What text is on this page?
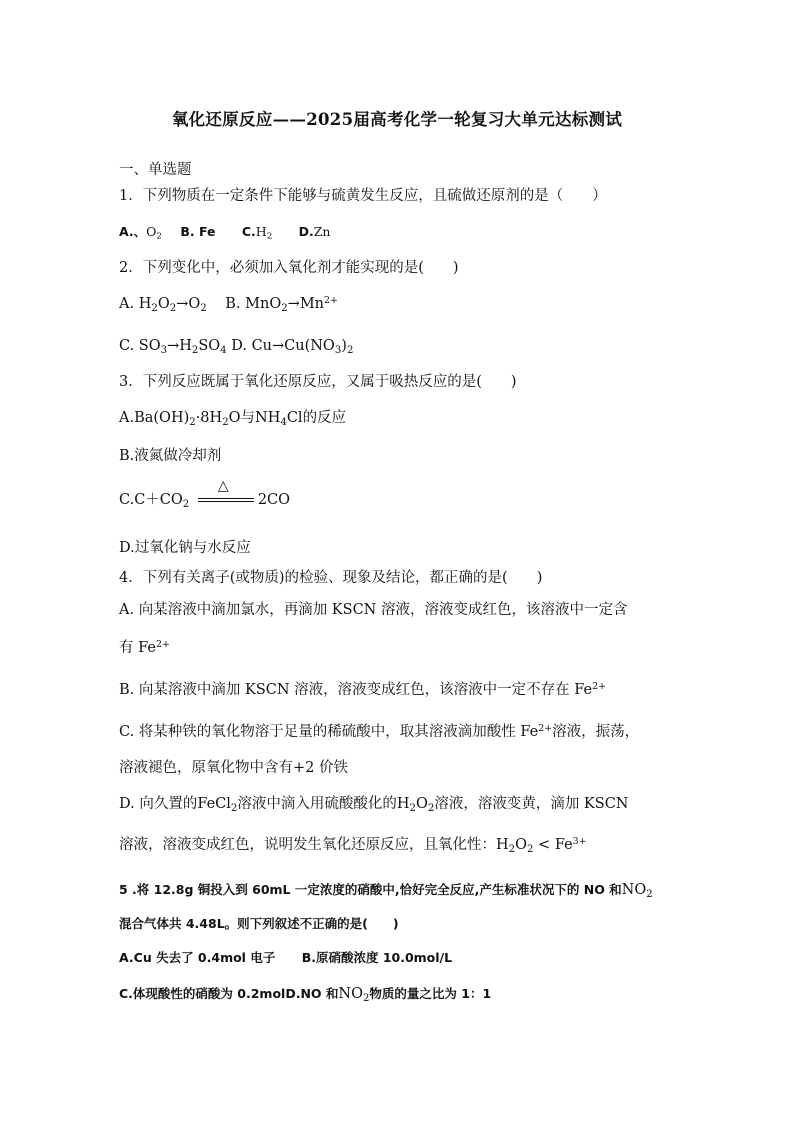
氧化还原反应——2025届高考化学一轮复习大单元达标测试
一、单选题
1．下列物质在一定条件下能够与硫黄发生反应，且硫做还原剂的是（　　）
A.、$O_2$ B. Fe $C.H_2$ D.Zn
2．下列变化中，必须加入氧化剂才能实现的是(　　)
A. $H_2O_2\to O_2$ B. $MnO_2\to Mn^{2+}$
C. $SO_3\to H_2SO_4$ D. $Cu\to Cu(NO_3)_2$
3．下列反应既属于氧化还原反应，又属于吸热反应的是(　　)
$A.Ba(OH)_2\cdot 8H_2O$与$NH_4Cl$的反应
B.液氮做冷却剂
$C.C+CO_2$
△
2CO
D.过氧化钠与水反应
4．下列有关离子(或物质)的检验、现象及结论，都正确的是(　　)
A. 向某溶液中滴加氯水，再滴加 KSCN 溶液，溶液变成红色，该溶液中一定含
有 $Fe^{2+}$
B. 向某溶液中滴加 KSCN 溶液，溶液变成红色，该溶液中一定不存在 $Fe^{2+}$
C. 将某种铁的氧化物溶于足量的稀硫酸中，取其溶液滴加酸性 $Fe^{2+}$溶液，振荡，
溶液褪色，原氧化物中含有+2 价铁
D. 向久置的FeCl$_2$溶液中滴入用硫酸酸化的$H_2O_2$溶液，溶液变黄，滴加 KSCN
溶液，溶液变成红色，说明发生氧化还原反应，且氧化性：$H_2O_2 < Fe^{3+}$
5 .将 12.8g 铜投入到 60mL 一定浓度的硝酸中,恰好完全反应,产生标准状况下的 NO 和$NO_2$
混合气体共 4.48L。则下列叙述不正确的是(　　)
A.Cu 失去了 0.4mol 电子 B.原硝酸浓度 10.0mol/L
C.体现酸性的硝酸为 0.2molD.NO 和$NO_2$物质的量之比为 1：1
